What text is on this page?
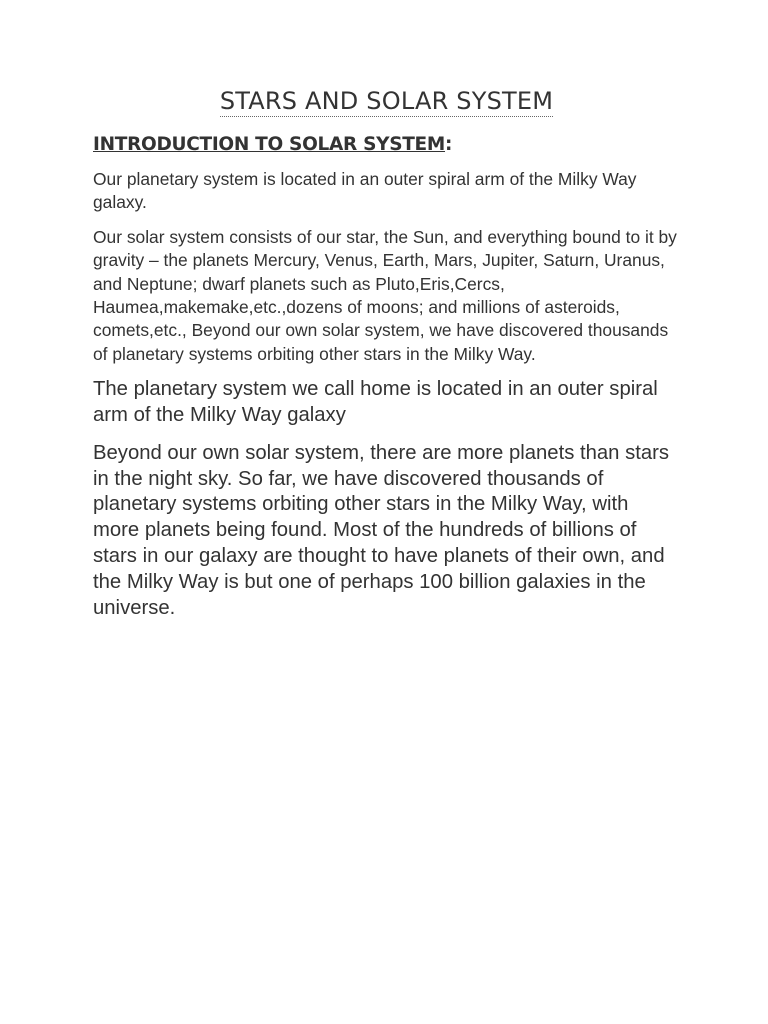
STARS AND SOLAR SYSTEM
INTRODUCTION TO SOLAR SYSTEM:

Our planetary system is located in an outer spiral arm of the Milky Way galaxy.

Our solar system consists of our star, the Sun, and everything bound to it by gravity – the planets Mercury, Venus, Earth, Mars, Jupiter, Saturn, Uranus, and Neptune; dwarf planets such as Pluto,Eris,Cercs, Haumea,makemake,etc.,dozens of moons; and millions of asteroids, comets,etc., Beyond our own solar system, we have discovered thousands of planetary systems orbiting other stars in the Milky Way.

The planetary system we call home is located in an outer spiral arm of the Milky Way galaxy

Beyond our own solar system, there are more planets than stars in the night sky. So far, we have discovered thousands of planetary systems orbiting other stars in the Milky Way, with more planets being found. Most of the hundreds of billions of stars in our galaxy are thought to have planets of their own, and the Milky Way is but one of perhaps 100 billion galaxies in the universe.
